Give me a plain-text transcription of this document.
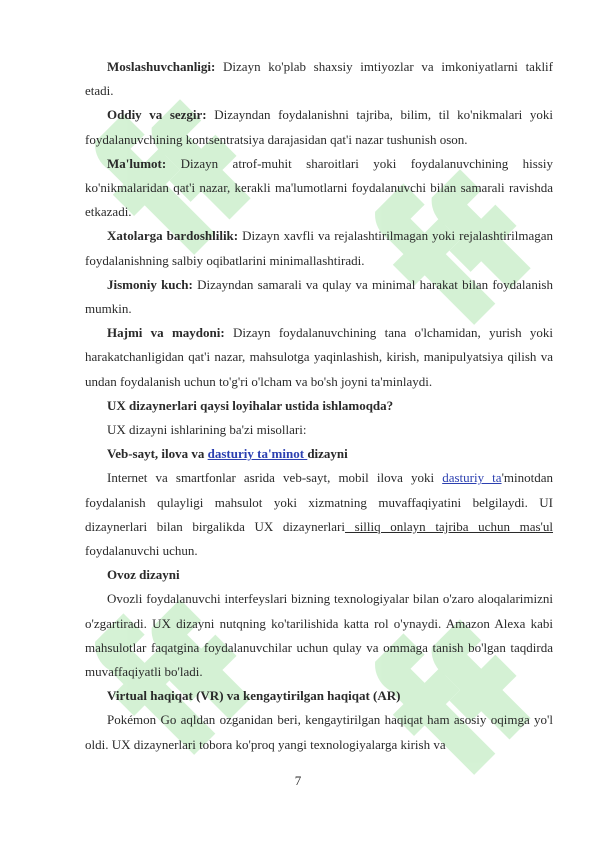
Moslashuvchanligi: Dizayn ko'plab shaxsiy imtiyozlar va imkoniyatlarni taklif etadi.

Oddiy va sezgir: Dizayndan foydalanishni tajriba, bilim, til ko'nikmalari yoki foydalanuvchining kontsentratsiya darajasidan qat'i nazar tushunish oson.

Ma'lumot: Dizayn atrof-muhit sharoitlari yoki foydalanuvchining hissiy ko'nikmalaridan qat'i nazar, kerakli ma'lumotlarni foydalanuvchi bilan samarali ravishda etkazadi.

Xatolarga bardoshlilik: Dizayn xavfli va rejalashtirilmagan yoki rejalashtirilmagan foydalanishning salbiy oqibatlarini minimallashtiradi.

Jismoniy kuch: Dizayndan samarali va qulay va minimal harakat bilan foydalanish mumkin.

Hajmi va maydoni: Dizayn foydalanuvchining tana o'lchamidan, yurish yoki harakatchanligidan qat'i nazar, mahsulotga yaqinlashish, kirish, manipulyatsiya qilish va undan foydalanish uchun to'g'ri o'lcham va bo'sh joyni ta'minlaydi.

UX dizaynerlari qaysi loyihalar ustida ishlamoqda?

UX dizayni ishlarining ba'zi misollari:

Veb-sayt, ilova va dasturiy ta'minot dizayni

Internet va smartfonlar asrida veb-sayt, mobil ilova yoki dasturiy ta'minotdan foydalanish qulayligi mahsulot yoki xizmatning muvaffaqiyatini belgilaydi. UI dizaynerlari bilan birgalikda UX dizaynerlari silliq onlayn tajriba uchun mas'ul foydalanuvchi uchun.

Ovoz dizayni

Ovozli foydalanuvchi interfeyslari bizning texnologiyalar bilan o'zaro aloqalarimizni o'zgartiradi. UX dizayni nutqning ko'tarilishida katta rol o'ynaydi. Amazon Alexa kabi mahsulotlar faqatgina foydalanuvchilar uchun qulay va ommaga tanish bo'lgan taqdirda muvaffaqiyatli bo'ladi.

Virtual haqiqat (VR) va kengaytirilgan haqiqat (AR)

Pokémon Go aqldan ozganidan beri, kengaytirilgan haqiqat ham asosiy oqimga yo'l oldi. UX dizaynerlari tobora ko'proq yangi texnologiyalarga kirish va

7
